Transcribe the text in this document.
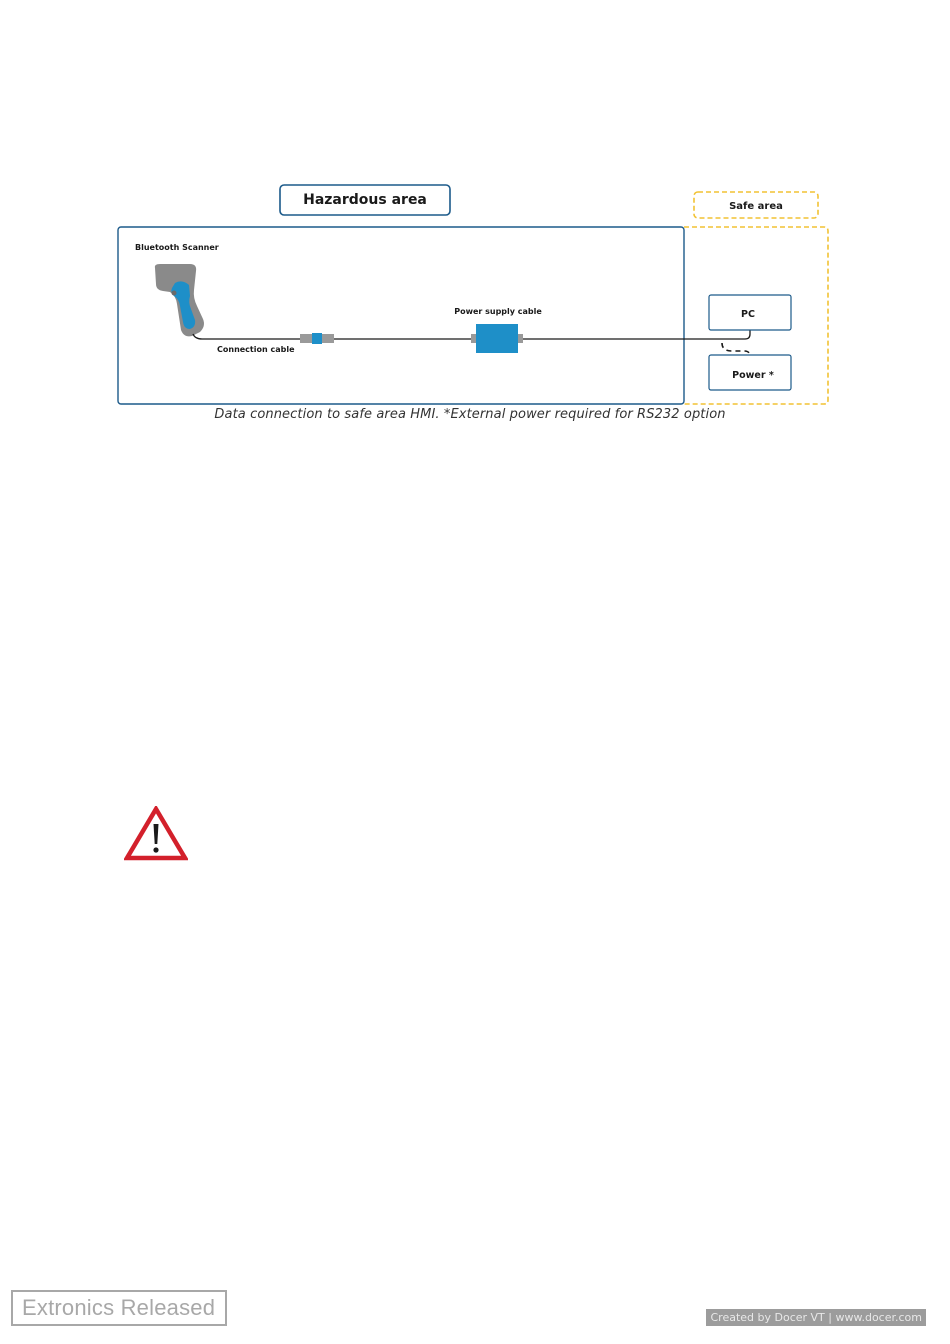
Hazardous area	Safe area
Bluetooth Scanner
Connection cable
Power supply cable	PC
Power *
Data connection to safe area HMI. *External power required for RS232 option
Extronics Released	Created by Docer VT | www.docer.com
